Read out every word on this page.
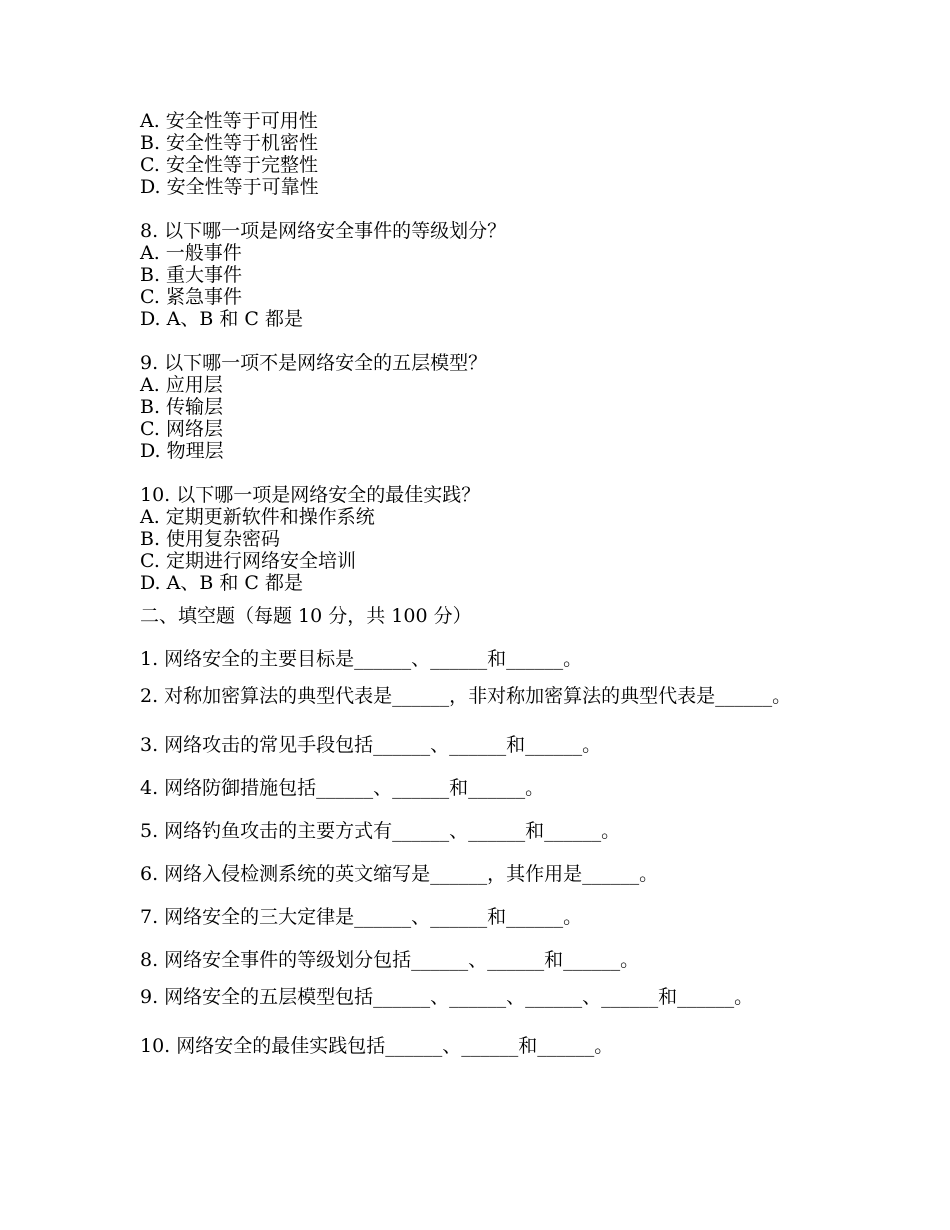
A. 安全性等于可用性
B. 安全性等于机密性
C. 安全性等于完整性
D. 安全性等于可靠性
8. 以下哪一项是网络安全事件的等级划分？
A. 一般事件
B. 重大事件
C. 紧急事件
D. A、B 和 C 都是
9. 以下哪一项不是网络安全的五层模型？
A. 应用层
B. 传输层
C. 网络层
D. 物理层
10. 以下哪一项是网络安全的最佳实践？
A. 定期更新软件和操作系统
B. 使用复杂密码
C. 定期进行网络安全培训
D. A、B 和 C 都是
二、填空题（每题 10 分，共 100 分）
1. 网络安全的主要目标是______、______和______。
2. 对称加密算法的典型代表是______，非对称加密算法的典型代表是______。
3. 网络攻击的常见手段包括______、______和______。
4. 网络防御措施包括______、______和______。
5. 网络钓鱼攻击的主要方式有______、______和______。
6. 网络入侵检测系统的英文缩写是______，其作用是______。
7. 网络安全的三大定律是______、______和______。
8. 网络安全事件的等级划分包括______、______和______。
9. 网络安全的五层模型包括______、______、______、______和______。
10. 网络安全的最佳实践包括______、______和______。
